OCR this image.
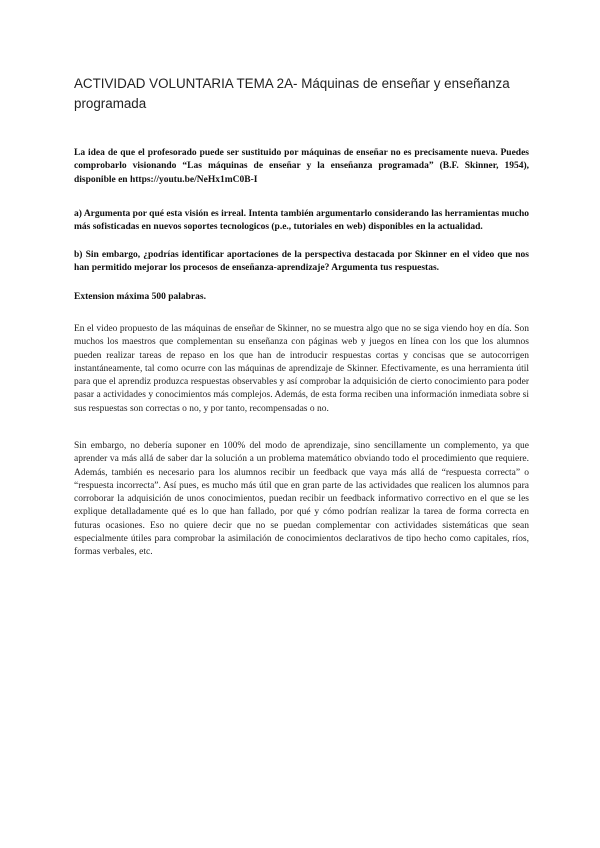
ACTIVIDAD VOLUNTARIA TEMA 2A- Máquinas de enseñar y enseñanza programada

La idea de que el profesorado puede ser sustituido por máquinas de enseñar no es precisamente nueva. Puedes comprobarlo visionando “Las máquinas de enseñar y la enseñanza programada” (B.F. Skinner, 1954), disponible en https://youtu.be/NeHx1mC0B-I

a) Argumenta por qué esta visión es irreal. Intenta también argumentarlo considerando las herramientas mucho más sofisticadas en nuevos soportes tecnologicos (p.e., tutoriales en web) disponibles en la actualidad.

b) Sin embargo, ¿podrías identificar aportaciones de la perspectiva destacada por Skinner en el video que nos han permitido mejorar los procesos de enseñanza-aprendizaje? Argumenta tus respuestas.

Extension máxima 500 palabras.

En el video propuesto de las máquinas de enseñar de Skinner, no se muestra algo que no se siga viendo hoy en día. Son muchos los maestros que complementan su enseñanza con páginas web y juegos en línea con los que los alumnos pueden realizar tareas de repaso en los que han de introducir respuestas cortas y concisas que se autocorrigen instantáneamente, tal como ocurre con las máquinas de aprendizaje de Skinner. Efectivamente, es una herramienta útil para que el aprendiz produzca respuestas observables y así comprobar la adquisición de cierto conocimiento para poder pasar a actividades y conocimientos más complejos. Además, de esta forma reciben una información inmediata sobre si sus respuestas son correctas o no, y por tanto, recompensadas o no.

Sin embargo, no debería suponer en 100% del modo de aprendizaje, sino sencillamente un complemento, ya que aprender va más allá de saber dar la solución a un problema matemático obviando todo el procedimiento que requiere. Además, también es necesario para los alumnos recibir un feedback que vaya más allá de “respuesta correcta” o “respuesta incorrecta”. Así pues, es mucho más útil que en gran parte de las actividades que realicen los alumnos para corroborar la adquisición de unos conocimientos, puedan recibir un feedback informativo correctivo en el que se les explique detalladamente qué es lo que han fallado, por qué y cómo podrían realizar la tarea de forma correcta en futuras ocasiones. Eso no quiere decir que no se puedan complementar con actividades sistemáticas que sean especialmente útiles para comprobar la asimilación de conocimientos declarativos de tipo hecho como capitales, ríos, formas verbales, etc.
